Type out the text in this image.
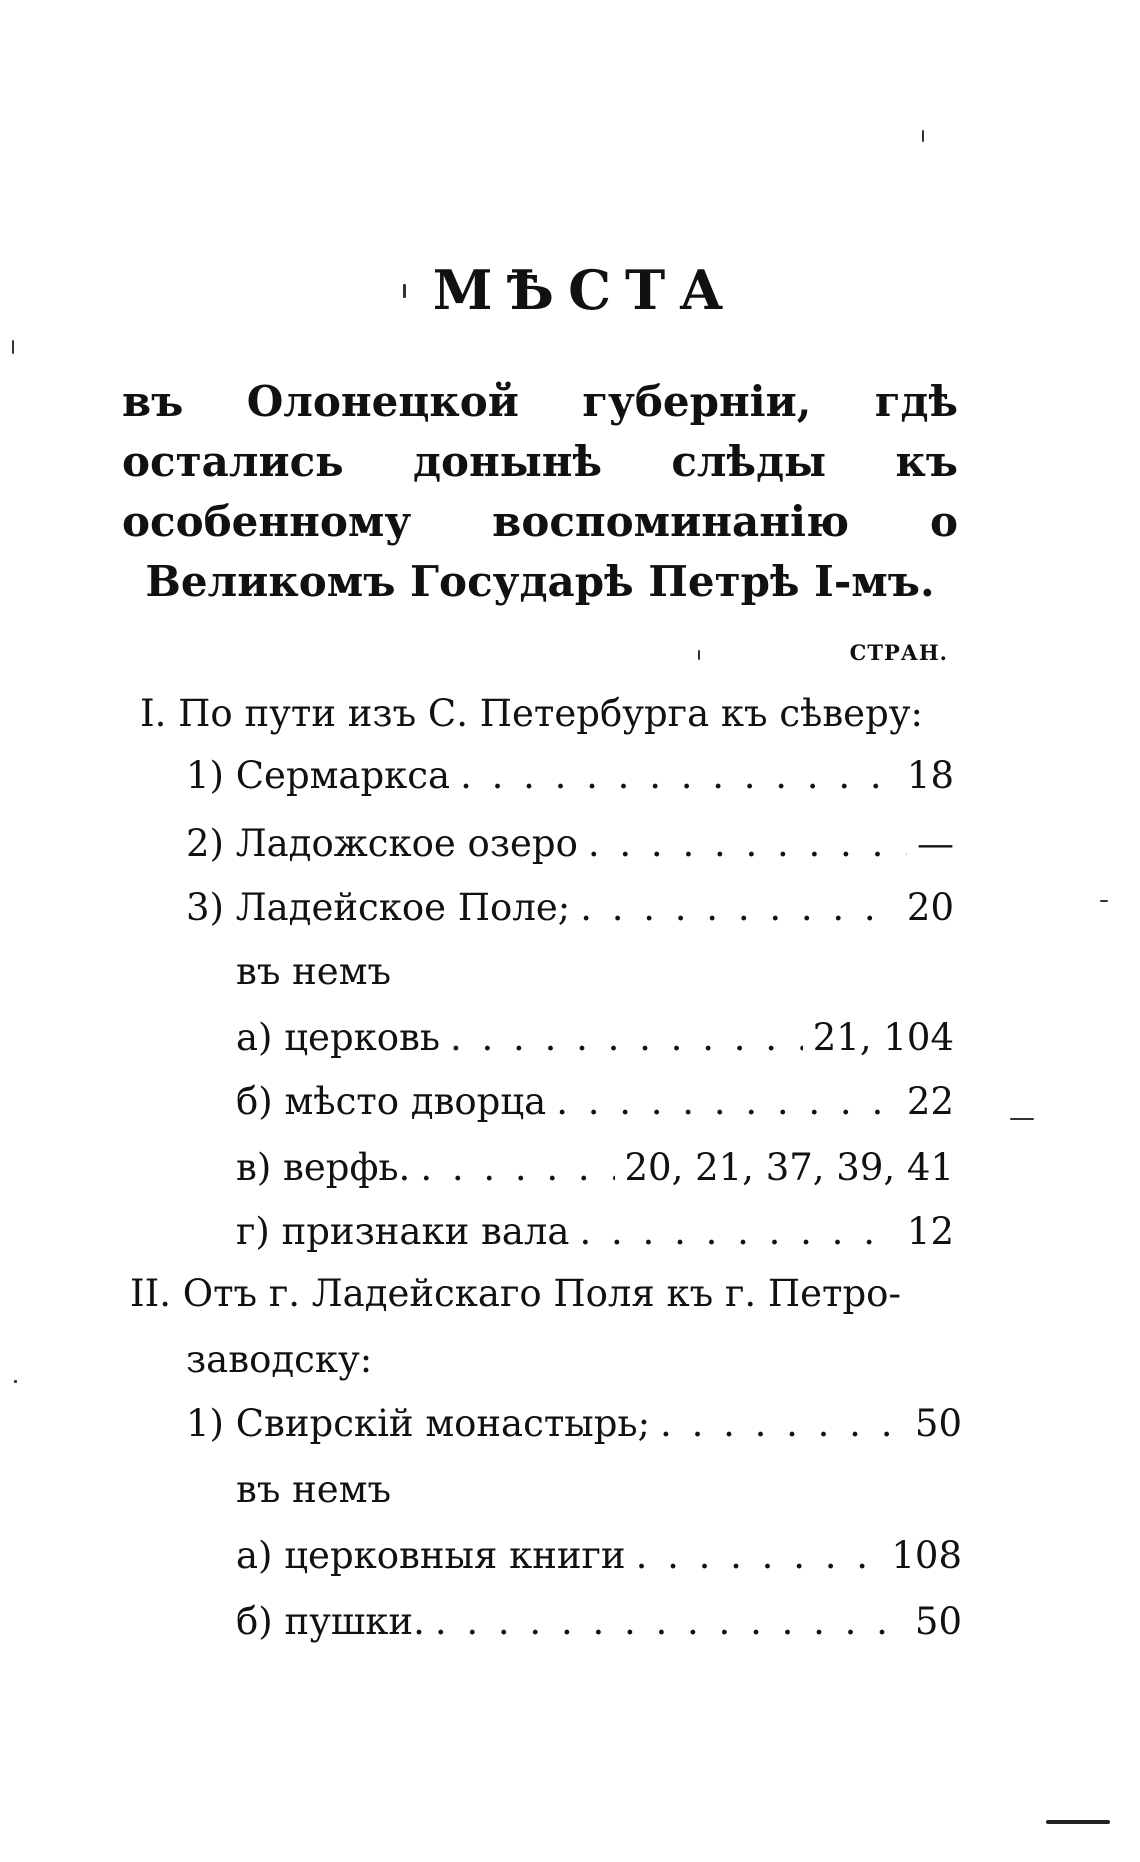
МѢСТА
въ Олонецкой губерніи, гдѣ остались донынѣ слѣды къ особенному воспоминанію о Великомъ Государѣ Петрѣ I-мъ.
СТРАН.
I. По пути изъ С. Петербурга къ сѣверу:
1) Сермаркса . . .	18
2) Ладожское озеро . . .	—
3) Ладейское Поле; . . .	20
въ немъ
а) церковь . . .	21, 104
б) мѣсто дворца . . .	22
в) верфь. . . .	20, 21, 37, 39, 41
г) признаки вала . . .	12
II. Отъ г. Ладейскаго Поля къ г. Петро-
заводску:
1) Свирскій монастырь; . . .	50
въ немъ
а) церковныя книги . . .	108
б) пушки. . . .	50
